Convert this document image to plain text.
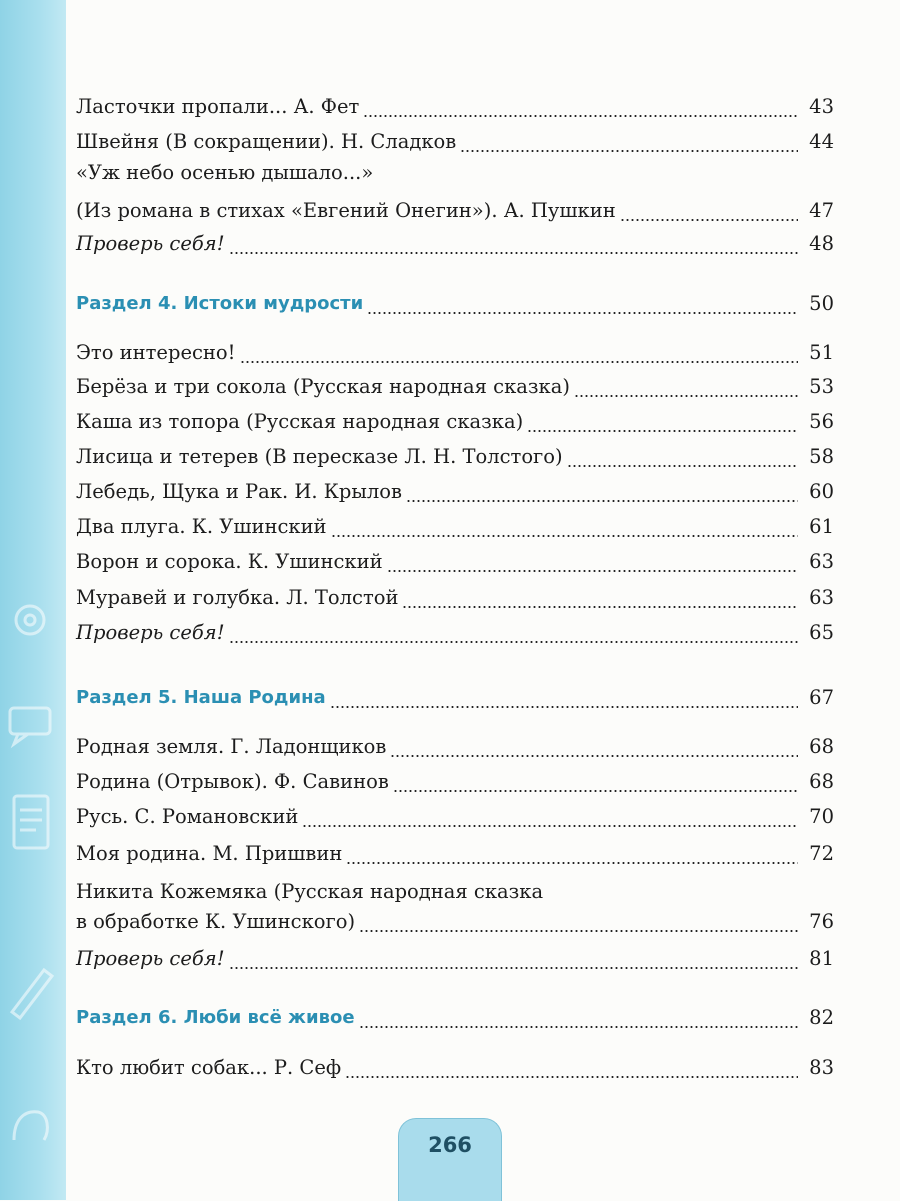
Ласточки пропали... А. Фет	43
Швейня (В сокращении). Н. Сладков	44
«Уж небо осенью дышало...»
(Из романа в стихах «Евгений Онегин»). А. Пушкин	47
Проверь себя!	48
Раздел 4. Истоки мудрости	50
Это интересно!	51
Берёза и три сокола (Русская народная сказка)	53
Каша из топора (Русская народная сказка)	56
Лисица и тетерев (В пересказе Л. Н. Толстого)	58
Лебедь, Щука и Рак. И. Крылов	60
Два плуга. К. Ушинский	61
Ворон и сорока. К. Ушинский	63
Муравей и голубка. Л. Толстой	63
Проверь себя!	65
Раздел 5. Наша Родина	67
Родная земля. Г. Ладонщиков	68
Родина (Отрывок). Ф. Савинов	68
Русь. С. Романовский	70
Моя родина. М. Пришвин	72
Никита Кожемяка (Русская народная сказка
в обработке К. Ушинского)	76
Проверь себя!	81
Раздел 6. Люби всё живое	82
Кто любит собак... Р. Сеф	83
266
